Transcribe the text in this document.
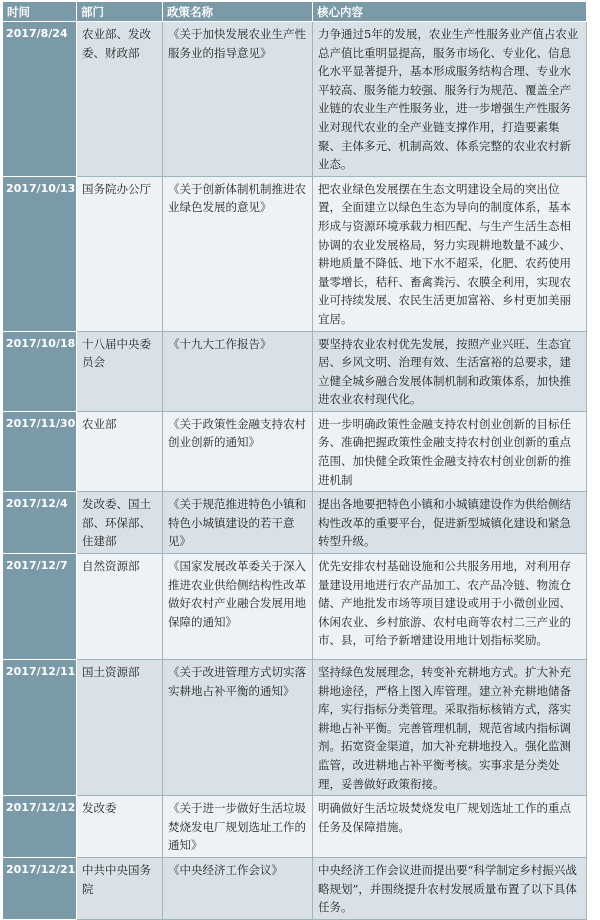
时间	部门	政策名称	核心内容
2017/8/24	农业部、发改委、财政部	《关于加快发展农业生产性服务业的指导意见》	力争通过5年的发展，农业生产性服务业产值占农业总产值比重明显提高，服务市场化、专业化、信息化水平显著提升，基本形成服务结构合理、专业水平较高、服务能力较强、服务行为规范、覆盖全产业链的农业生产性服务业，进一步增强生产性服务业对现代农业的全产业链支撑作用，打造要素集聚、主体多元、机制高效、体系完整的农业农村新业态。
2017/10/13	国务院办公厅	《关于创新体制机制推进农业绿色发展的意见》	把农业绿色发展摆在生态文明建设全局的突出位置，全面建立以绿色生态为导向的制度体系，基本形成与资源环境承载力相匹配、与生产生活生态相协调的农业发展格局，努力实现耕地数量不减少、耕地质量不降低、地下水不超采，化肥、农药使用量零增长，秸秆、畜禽粪污、农膜全利用，实现农业可持续发展、农民生活更加富裕、乡村更加美丽宜居。
2017/10/18	十八届中央委员会	《十九大工作报告》	要坚持农业农村优先发展，按照产业兴旺、生态宜居、乡风文明、治理有效、生活富裕的总要求，建立健全城乡融合发展体制机制和政策体系，加快推进农业农村现代化。
2017/11/30	农业部	《关于政策性金融支持农村创业创新的通知》	进一步明确政策性金融支持农村创业创新的目标任务、准确把握政策性金融支持农村创业创新的重点范围、加快健全政策性金融支持农村创业创新的推进机制
2017/12/4	发改委、国土部、环保部、住建部	《关于规范推进特色小镇和特色小城镇建设的若干意见》	提出各地要把特色小镇和小城镇建设作为供给侧结构性改革的重要平台，促进新型城镇化建设和紧急转型升级。
2017/12/7	自然资源部	《国家发展改革委关于深入推进农业供给侧结构性改革做好农村产业融合发展用地保障的通知》	优先安排农村基础设施和公共服务用地，对利用存量建设用地进行农产品加工、农产品冷链、物流仓储、产地批发市场等项目建设或用于小微创业园、休闲农业、乡村旅游、农村电商等农村二三产业的市、县，可给予新增建设用地计划指标奖励。
2017/12/11	国土资源部	《关于改进管理方式切实落实耕地占补平衡的通知》	坚持绿色发展理念，转变补充耕地方式。扩大补充耕地途径，严格上图入库管理。建立补充耕地储备库，实行指标分类管理。采取指标核销方式，落实耕地占补平衡。完善管理机制，规范省域内指标调剂。拓宽资金渠道，加大补充耕地投入。强化监测监管，改进耕地占补平衡考核。实事求是分类处理，妥善做好政策衔接。
2017/12/12	发改委	《关于进一步做好生活垃圾焚烧发电厂规划选址工作的通知》	明确做好生活垃圾焚烧发电厂规划选址工作的重点任务及保障措施。
2017/12/21	中共中央国务院	《中央经济工作会议》	中央经济工作会议进而提出要“科学制定乡村振兴战略规划”，并围绕提升农村发展质量布置了以下具体任务。
